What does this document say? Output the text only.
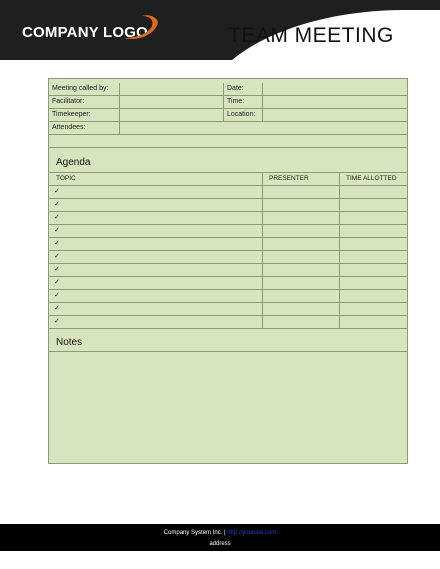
COMPANY LOGO	TEAM MEETING
Meeting called by:	Date:
Facilitator:	Time:
Timekeeper:	Location:
Attendees:
Agenda
TOPIC	PRESENTER	TIME ALLOTTED
✓
✓
✓
✓
✓
✓
✓
✓
✓
✓
✓
Notes
Company System Inc. | http://yoursite.com
address
